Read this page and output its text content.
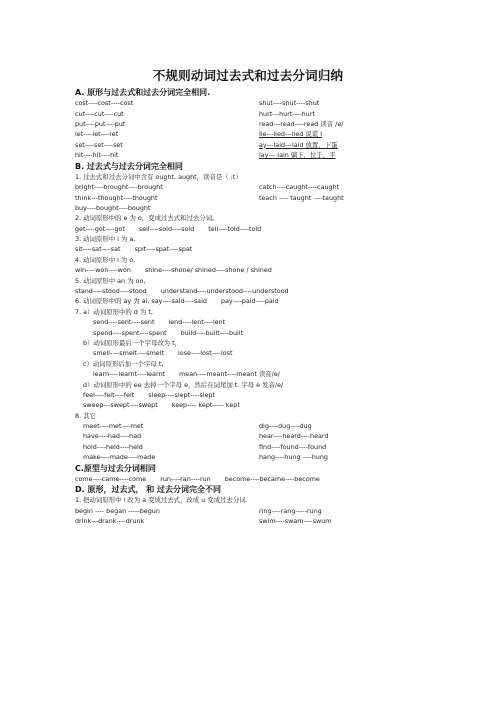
不规则动词过去式和过去分词归纳
A. 原形与过去式和过去分词完全相同.
cost----cost----cost	shut----shut----shut
cut----cut----cut	hurt---hurt----hurt
put----put----put	read---read----read 读音 /e/
let----let----let	lie---lied---lied 说谎 l
set----set----set	ay---laid---laid 放置，下蛋
hit----hit----hit	lay--- lain 躺下，位于，平
B. 过去式与过去分词完全相同
1. 过去式和过去分词中含有 ought, aught，读音是（ :t）
bright----brought----brought	catch----caught----caught
think---thought----thought	teach ---- taught ----taught
buy----bought----bought
2. 动词原形中的 e 为 o，变成过去式和过去分词。
get----got----got sell----sold----sold tell----told----told
3. 动词原形中 i 为 a,
sit----sat----sat spit----spat----spat
4. 动词原形中 i 为 o,
win----won----won shine----shone/ shined----shone / shined
5. 动词原形中 an 为 oo,
stand----stood----stood understand----understood----understood
6. 动词原形中的 ay 为 ai, say----said----said pay----paid----paid
7. a）动词原形中的 d 为 t,
send----sent----sent lend----lent----lent
spend----spent----spent build----built----built
b）动词原形最后一个字母改为 t，
smell----smelt----smelt lose----lost----lost
c）动词原形后加一个字母 t,
learn----learnt----learnt mean----meant----meant 读音/e/
d）动词原形中的 ee 去掉一个字母 e，然后在词尾加 t. 字母 e 发音/e/
feel----felt----felt sleep----slept----slept
sweep---swept----swept keep---- kept----- kept
8. 其它
meet----met----met	dig----dug----dug
have----had----had	hear----heard----heard
hold----held----held	find----found----found
make----made----made	hang----hung ----hung
C.原型与过去分词相同
come----came----come run----ran----run become----became----become
D. 原形，过去式， 和 过去分词完全不同
1. 把动词原形中 i 改为 a 变成过去式，改成 u 变成过去分词.
begin ---- began -----begun	ring----rang-----rung
drink---drank----drunk	swim----swam----swum
